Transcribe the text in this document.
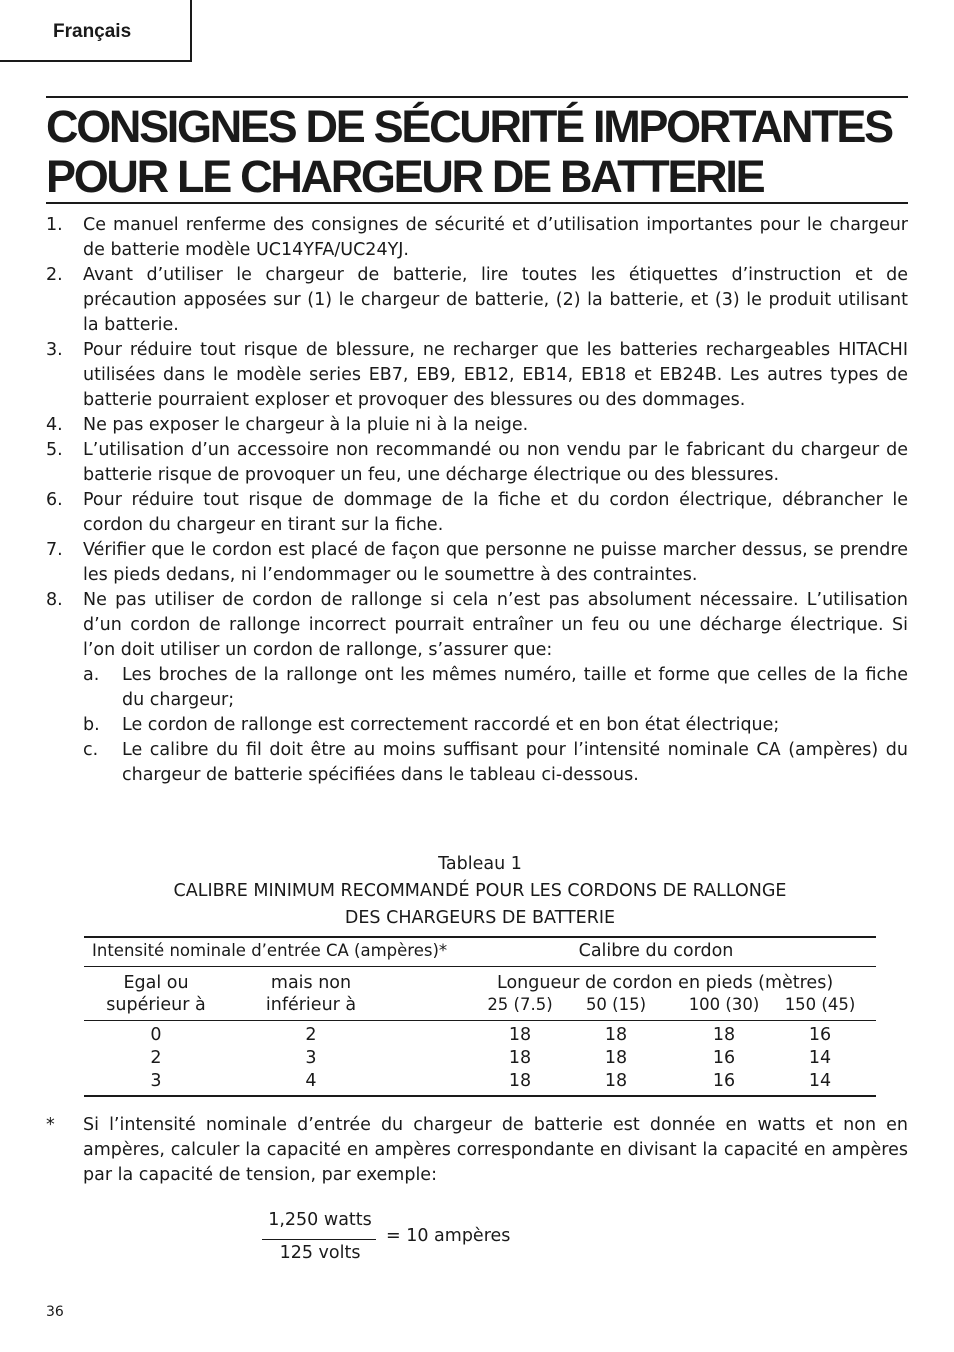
Français
CONSIGNES DE SÉCURITÉ IMPORTANTES
POUR LE CHARGEUR DE BATTERIE
1. Ce manuel renferme des consignes de sécurité et d’utilisation importantes pour le chargeur de batterie modèle UC14YFA/UC24YJ.
2. Avant d’utiliser le chargeur de batterie, lire toutes les étiquettes d’instruction et de précaution apposées sur (1) le chargeur de batterie, (2) la batterie, et (3) le produit utilisant la batterie.
3. Pour réduire tout risque de blessure, ne recharger que les batteries rechargeables HITACHI utilisées dans le modèle series EB7, EB9, EB12, EB14, EB18 et EB24B. Les autres types de batterie pourraient exploser et provoquer des blessures ou des dommages.
4. Ne pas exposer le chargeur à la pluie ni à la neige.
5. L’utilisation d’un accessoire non recommandé ou non vendu par le fabricant du chargeur de batterie risque de provoquer un feu, une décharge électrique ou des blessures.
6. Pour réduire tout risque de dommage de la fiche et du cordon électrique, débrancher le cordon du chargeur en tirant sur la fiche.
7. Vérifier que le cordon est placé de façon que personne ne puisse marcher dessus, se prendre les pieds dedans, ni l’endommager ou le soumettre à des contraintes.
8. Ne pas utiliser de cordon de rallonge si cela n’est pas absolument nécessaire. L’utilisation d’un cordon de rallonge incorrect pourrait entraîner un feu ou une décharge électrique. Si l’on doit utiliser un cordon de rallonge, s’assurer que:
a. Les broches de la rallonge ont les mêmes numéro, taille et forme que celles de la fiche du chargeur;
b. Le cordon de rallonge est correctement raccordé et en bon état électrique;
c. Le calibre du fil doit être au moins suffisant pour l’intensité nominale CA (ampères) du chargeur de batterie spécifiées dans le tableau ci-dessous.
Tableau 1
CALIBRE MINIMUM RECOMMANDÉ POUR LES CORDONS DE RALLONGE
DES CHARGEURS DE BATTERIE
Intensité nominale d’entrée CA (ampères)*	Calibre du cordon
Egal ou
supérieur à
mais non
inférieur à
Longueur de cordon en pieds (mètres)
25 (7.5)	50 (15)	100 (30)	150 (45)
0	2	18	18	18	16
2	3	18	18	16	14
3	4	18	18	16	14
*	Si l’intensité nominale d’entrée du chargeur de batterie est donnée en watts et non en ampères, calculer la capacité en ampères correspondante en divisant la capacité en ampères par la capacité de tension, par exemple:
1,250 watts
125 volts
= 10 ampères
36
